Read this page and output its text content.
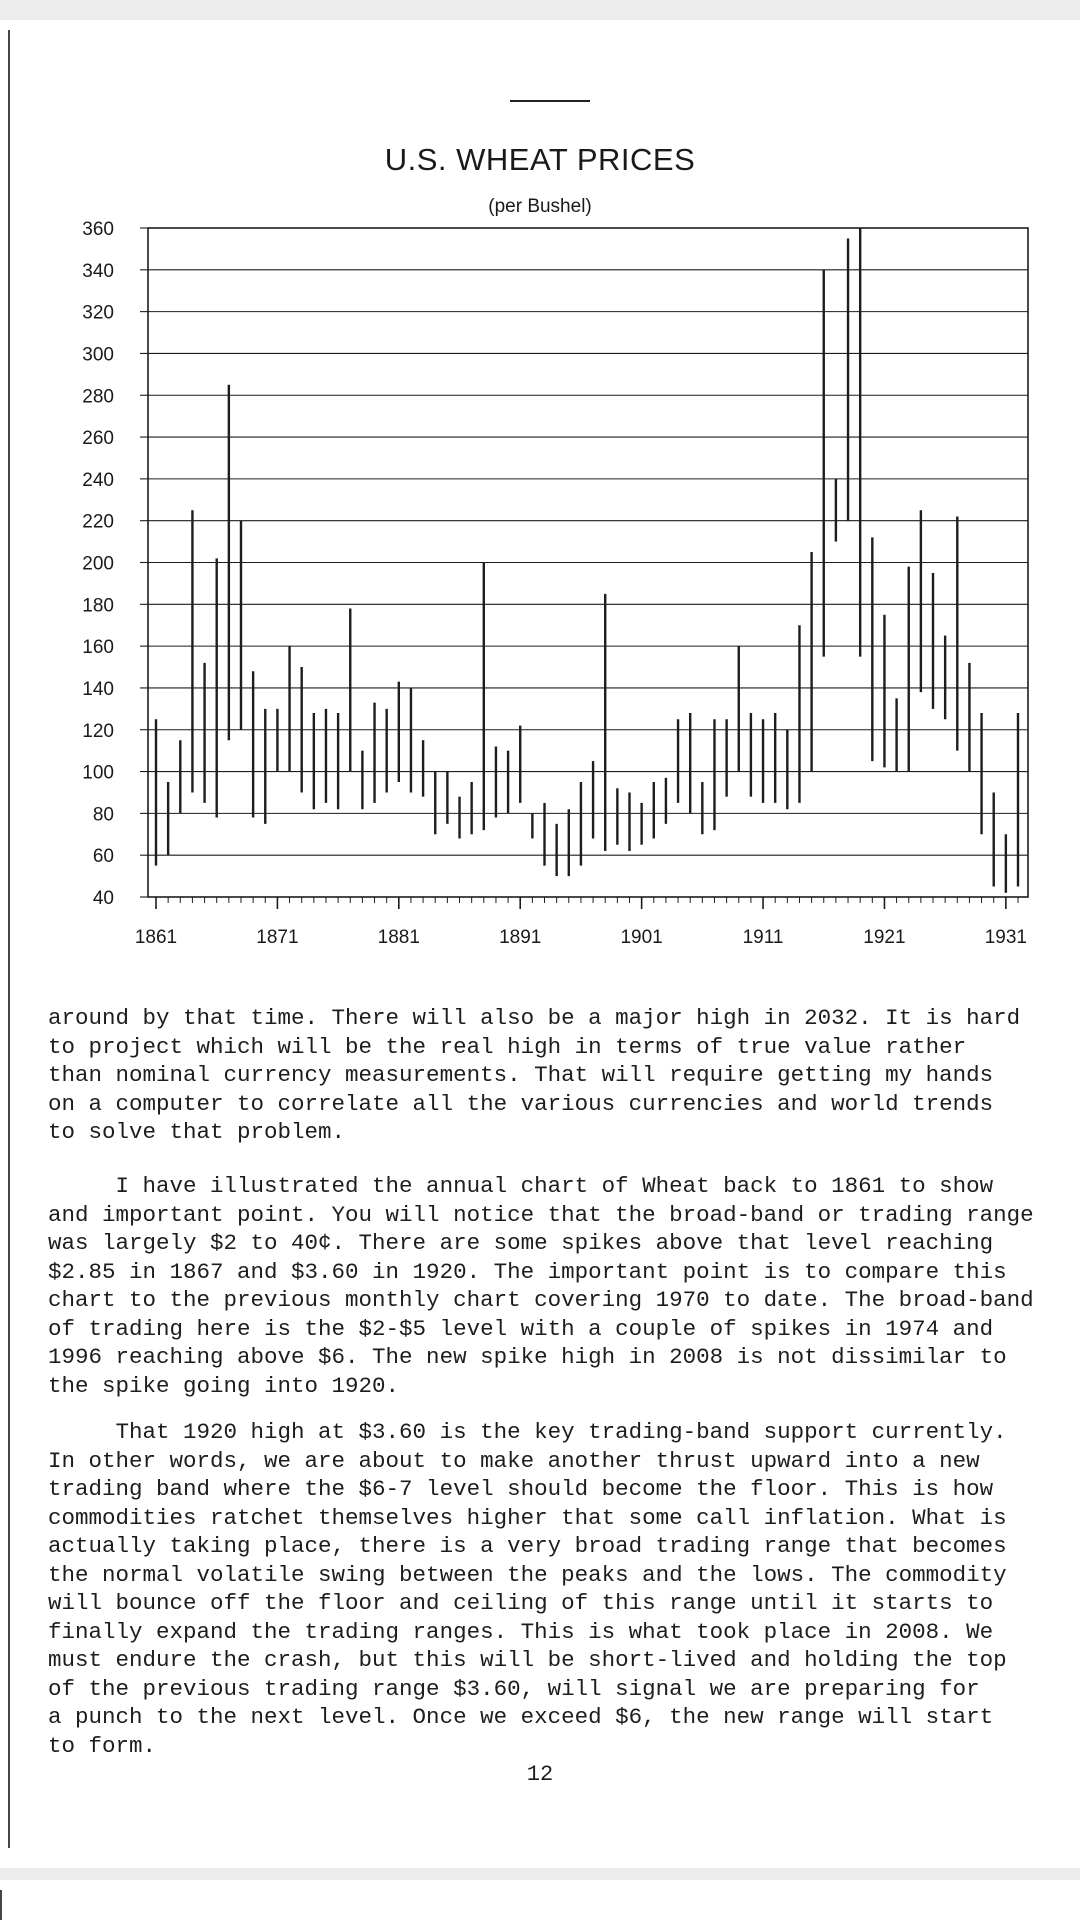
U.S. WHEAT PRICES
(per Bushel)
360
340
320
300
280
260
240
220
200
180
160
140
120
100
80
60
40
1861	1871	1881	1891	1901	1911	1921	1931
around by that time. There will also be a major high in 2032. It is hard
to project which will be the real high in terms of true value rather
than nominal currency measurements. That will require getting my hands
on a computer to correlate all the various currencies and world trends
to solve that problem.
I have illustrated the annual chart of Wheat back to 1861 to show
and important point. You will notice that the broad-band or trading range
was largely $2 to 40¢. There are some spikes above that level reaching
$2.85 in 1867 and $3.60 in 1920. The important point is to compare this
chart to the previous monthly chart covering 1970 to date. The broad-band
of trading here is the $2-$5 level with a couple of spikes in 1974 and
1996 reaching above $6. The new spike high in 2008 is not dissimilar to
the spike going into 1920.
That 1920 high at $3.60 is the key trading-band support currently.
In other words, we are about to make another thrust upward into a new
trading band where the $6-7 level should become the floor. This is how
commodities ratchet themselves higher that some call inflation. What is
actually taking place, there is a very broad trading range that becomes
the normal volatile swing between the peaks and the lows. The commodity
will bounce off the floor and ceiling of this range until it starts to
finally expand the trading ranges. This is what took place in 2008. We
must endure the crash, but this will be short-lived and holding the top
of the previous trading range $3.60, will signal we are preparing for
a punch to the next level. Once we exceed $6, the new range will start
to form.
12
